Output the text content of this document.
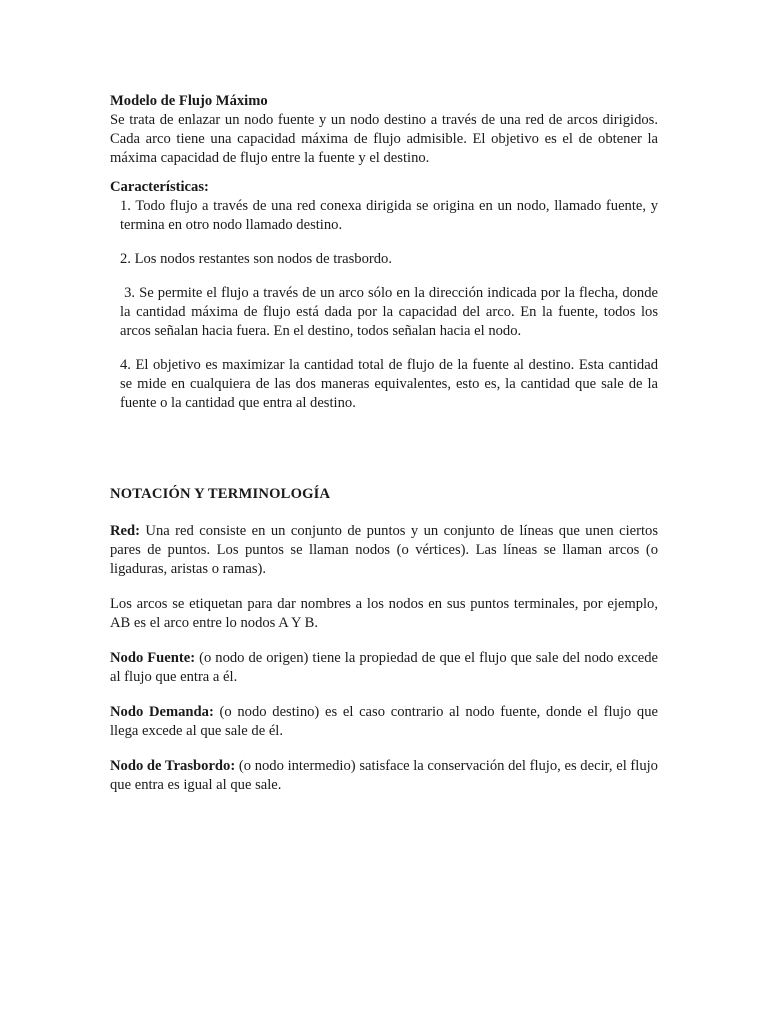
Modelo de Flujo Máximo

Se trata de enlazar un nodo fuente y un nodo destino a través de una red de arcos dirigidos. Cada arco tiene una capacidad máxima de flujo admisible. El objetivo es el de obtener la máxima capacidad de flujo entre la fuente y el destino.

Características:
1. Todo flujo a través de una red conexa dirigida se origina en un nodo, llamado fuente, y termina en otro nodo llamado destino.
2. Los nodos restantes son nodos de trasbordo.
3. Se permite el flujo a través de un arco sólo en la dirección indicada por la flecha, donde la cantidad máxima de flujo está dada por la capacidad del arco. En la fuente, todos los arcos señalan hacia fuera. En el destino, todos señalan hacia el nodo.
4. El objetivo es maximizar la cantidad total de flujo de la fuente al destino. Esta cantidad se mide en cualquiera de las dos maneras equivalentes, esto es, la cantidad que sale de la fuente o la cantidad que entra al destino.
NOTACIÓN Y TERMINOLOGÍA

Red: Una red consiste en un conjunto de puntos y un conjunto de líneas que unen ciertos pares de puntos. Los puntos se llaman nodos (o vértices). Las líneas se llaman arcos (o ligaduras, aristas o ramas).

Los arcos se etiquetan para dar nombres a los nodos en sus puntos terminales, por ejemplo, AB es el arco entre lo nodos A Y B.

Nodo Fuente: (o nodo de origen) tiene la propiedad de que el flujo que sale del nodo excede al flujo que entra a él.

Nodo Demanda: (o nodo destino) es el caso contrario al nodo fuente, donde el flujo que llega excede al que sale de él.

Nodo de Trasbordo: (o nodo intermedio) satisface la conservación del flujo, es decir, el flujo que entra es igual al que sale.
